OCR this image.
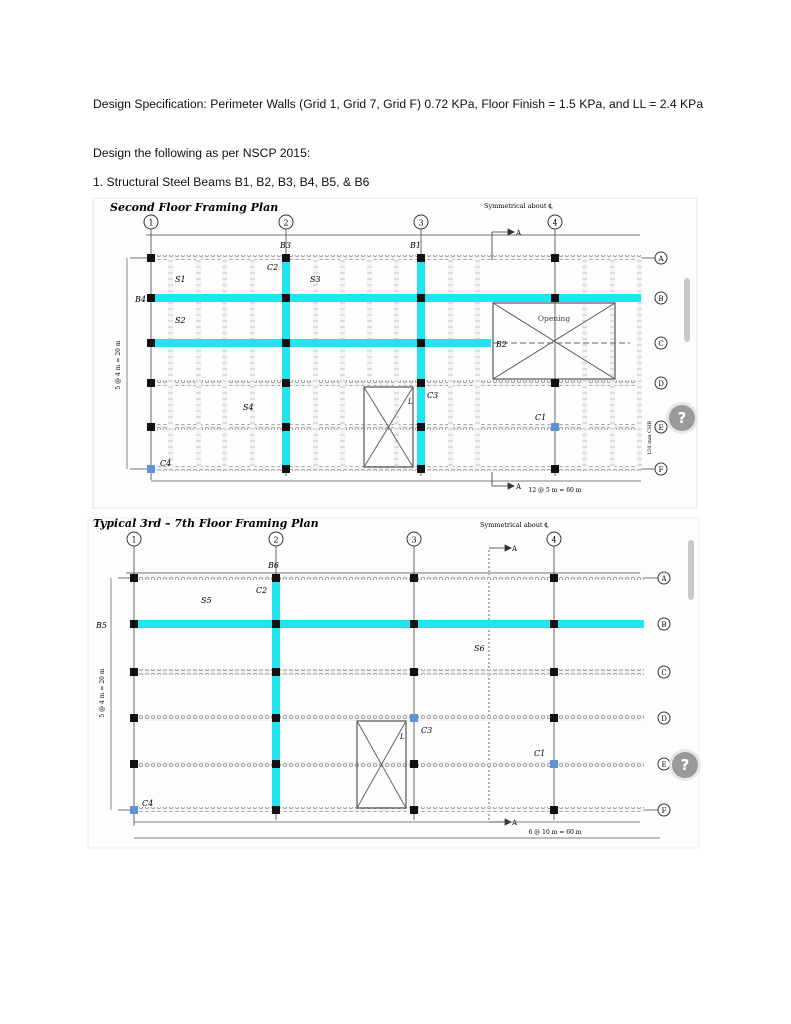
Design Specification: Perimeter Walls (Grid 1, Grid 7, Grid F) 0.72 KPa, Floor Finish = 1.5 KPa, and LL = 2.4 KPa
Design the following as per NSCP 2015:
1. Structural Steel Beams B1, B2, B3, B4, B5, & B6
Second Floor Framing Plan	Symmetrical about ℄
1	2	3	4
A
B
C
D
E
F
Opening
L
A
A
B3	B1
B4
B2
C2
C3
C1
C4
S1	S3
S2
S4
5 @ 4 m = 20 m
12 @ 5 m = 60 m
150 mm CHB
?
Typical 3rd – 7th Floor Framing Plan	Symmetrical about ℄
1	2	3	4
A
B
C
D
E
F
L
A
A
B6
B5
C2
C3
C1
C4
S5
S6
5 @ 4 m = 20 m
6 @ 10 m = 60 m
?
